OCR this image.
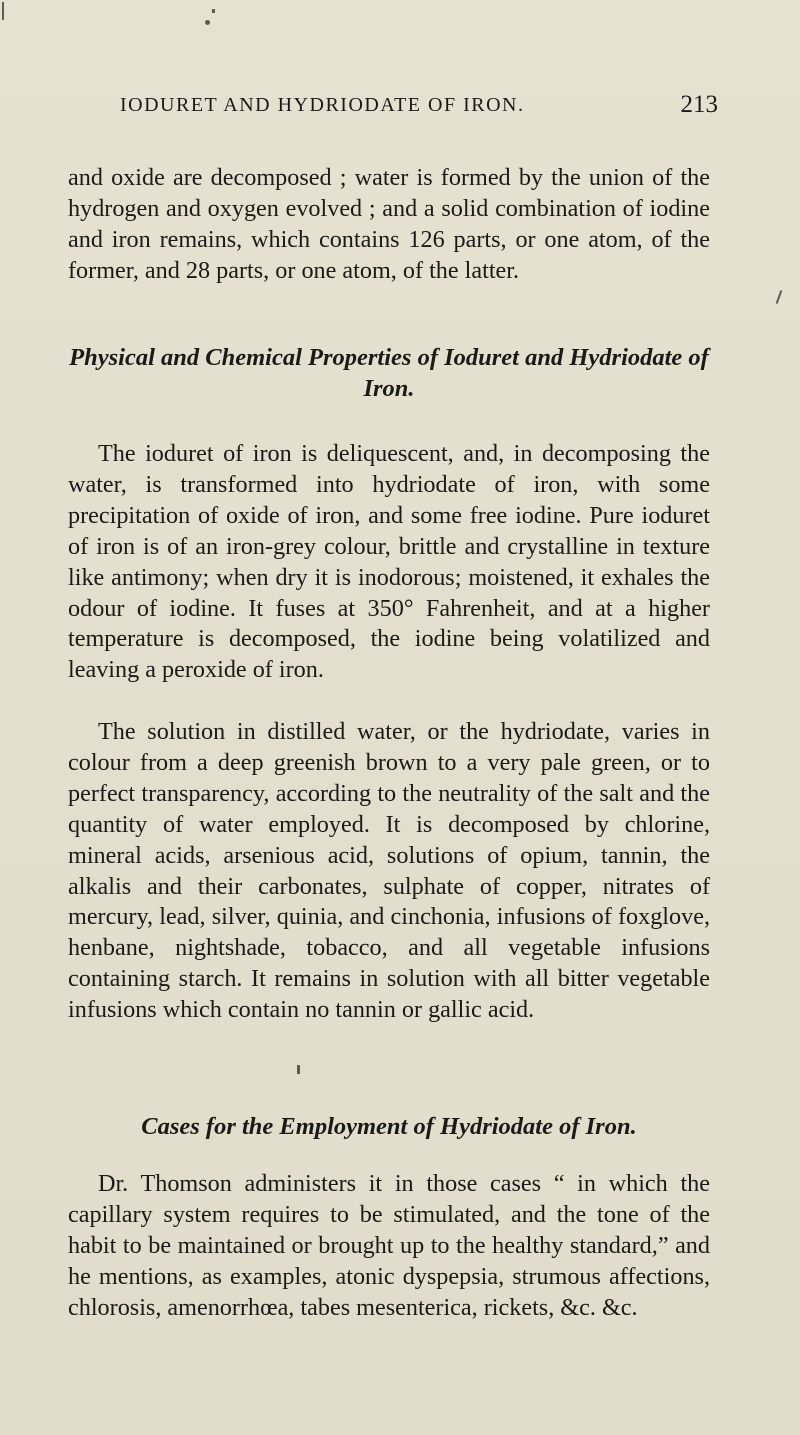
IODURET AND HYDRIODATE OF IRON.	213

and oxide are decomposed ; water is formed by the union of the hydrogen and oxygen evolved ; and a solid combination of iodine and iron remains, which contains 126 parts, or one atom, of the former, and 28 parts, or one atom, of the latter.

Physical and Chemical Properties of Ioduret and Hydriodate of Iron.

The ioduret of iron is deliquescent, and, in decomposing the water, is transformed into hydriodate of iron, with some precipitation of oxide of iron, and some free iodine. Pure ioduret of iron is of an iron-grey colour, brittle and crystalline in texture like antimony; when dry it is inodorous; moistened, it exhales the odour of iodine. It fuses at 350° Fahrenheit, and at a higher temperature is decomposed, the iodine being volatilized and leaving a peroxide of iron.

The solution in distilled water, or the hydriodate, varies in colour from a deep greenish brown to a very pale green, or to perfect transparency, according to the neutrality of the salt and the quantity of water employed. It is decomposed by chlorine, mineral acids, arsenious acid, solutions of opium, tannin, the alkalis and their carbonates, sulphate of copper, nitrates of mercury, lead, silver, quinia, and cinchonia, infusions of foxglove, henbane, nightshade, tobacco, and all vegetable infusions containing starch. It remains in solution with all bitter vegetable infusions which contain no tannin or gallic acid.

Cases for the Employment of Hydriodate of Iron.

Dr. Thomson administers it in those cases “ in which the capillary system requires to be stimulated, and the tone of the habit to be maintained or brought up to the healthy standard,” and he mentions, as examples, atonic dyspepsia, strumous affections, chlorosis, amenorrhœa, tabes mesenterica, rickets, &c. &c.
